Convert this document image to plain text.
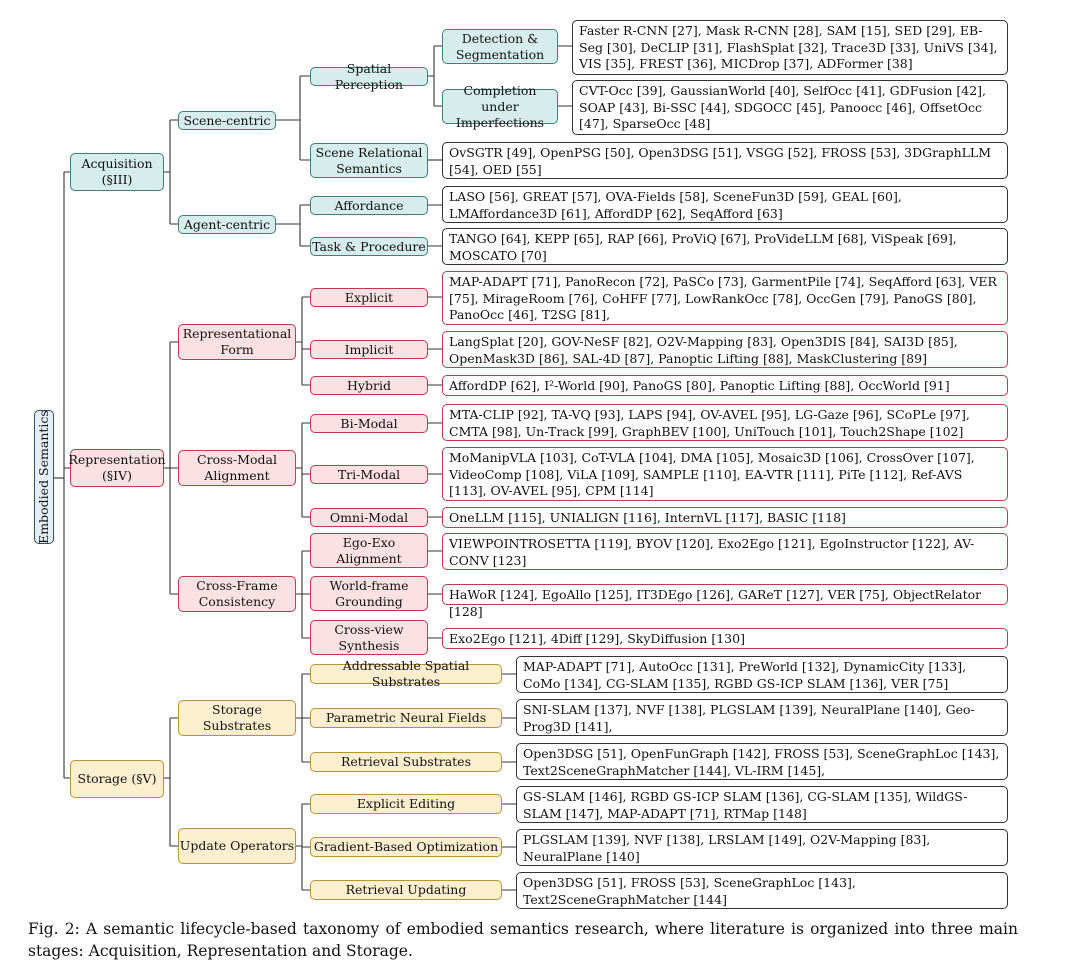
Embodied Semantics
Acquisition (§III)
Representation (§IV)
Storage (§V)
Scene-centric
Agent-centric
Spatial Perception
Scene Relational Semantics
Affordance
Task & Procedure
Detection & Segmentation
Completion under Imperfections
Faster R-CNN [27], Mask R-CNN [28], SAM [15], SED [29], EB-Seg [30], DeCLIP [31], FlashSplat [32], Trace3D [33], UniVS [34], VIS [35], FREST [36], MICDrop [37], ADFormer [38]
CVT-Occ [39], GaussianWorld [40], SelfOcc [41], GDFusion [42], SOAP [43], Bi-SSC [44], SDGOCC [45], Panoocc [46], OffsetOcc [47], SparseOcc [48]
OvSGTR [49], OpenPSG [50], Open3DSG [51], VSGG [52], FROSS [53], 3DGraphLLM [54], OED [55]
LASO [56], GREAT [57], OVA-Fields [58], SceneFun3D [59], GEAL [60], LMAffordance3D [61], AffordDP [62], SeqAfford [63]
TANGO [64], KEPP [65], RAP [66], ProViQ [67], ProVideLLM [68], ViSpeak [69], MOSCATO [70]
Representational Form
Cross-Modal Alignment
Cross-Frame Consistency
Explicit
Implicit
Hybrid
Bi-Modal
Tri-Modal
Omni-Modal
Ego-Exo Alignment
World-frame Grounding
Cross-view Synthesis
MAP-ADAPT [71], PanoRecon [72], PaSCo [73], GarmentPile [74], SeqAfford [63], VER [75], MirageRoom [76], CoHFF [77], LowRankOcc [78], OccGen [79], PanoGS [80], PanoOcc [46], T2SG [81],
LangSplat [20], GOV-NeSF [82], O2V-Mapping [83], Open3DIS [84], SAI3D [85], OpenMask3D [86], SAL-4D [87], Panoptic Lifting [88], MaskClustering [89]
AffordDP [62], I²-World [90], PanoGS [80], Panoptic Lifting [88], OccWorld [91]
MTA-CLIP [92], TA-VQ [93], LAPS [94], OV-AVEL [95], LG-Gaze [96], SCoPLe [97], CMTA [98], Un-Track [99], GraphBEV [100], UniTouch [101], Touch2Shape [102]
MoManipVLA [103], CoT-VLA [104], DMA [105], Mosaic3D [106], CrossOver [107], VideoComp [108], ViLA [109], SAMPLE [110], EA-VTR [111], PiTe [112], Ref-AVS [113], OV-AVEL [95], CPM [114]
OneLLM [115], UNIALIGN [116], InternVL [117], BASIC [118]
VIEWPOINTROSETTA [119], BYOV [120], Exo2Ego [121], EgoInstructor [122], AV-CONV [123]
HaWoR [124], EgoAllo [125], IT3DEgo [126], GAReT [127], VER [75], ObjectRelator [128]
Exo2Ego [121], 4Diff [129], SkyDiffusion [130]
Storage Substrates
Update Operators
Addressable Spatial Substrates
Parametric Neural Fields
Retrieval Substrates
Explicit Editing
Gradient-Based Optimization
Retrieval Updating
MAP-ADAPT [71], AutoOcc [131], PreWorld [132], DynamicCity [133], CoMo [134], CG-SLAM [135], RGBD GS-ICP SLAM [136], VER [75]
SNI-SLAM [137], NVF [138], PLGSLAM [139], NeuralPlane [140], Geo-Prog3D [141],
Open3DSG [51], OpenFunGraph [142], FROSS [53], SceneGraphLoc [143], Text2SceneGraphMatcher [144], VL-IRM [145],
GS-SLAM [146], RGBD GS-ICP SLAM [136], CG-SLAM [135], WildGS-SLAM [147], MAP-ADAPT [71], RTMap [148]
PLGSLAM [139], NVF [138], LRSLAM [149], O2V-Mapping [83], NeuralPlane [140]
Open3DSG [51], FROSS [53], SceneGraphLoc [143], Text2SceneGraphMatcher [144]
Fig. 2: A semantic lifecycle-based taxonomy of embodied semantics research, where literature is organized into three main stages: Acquisition, Representation and Storage.
